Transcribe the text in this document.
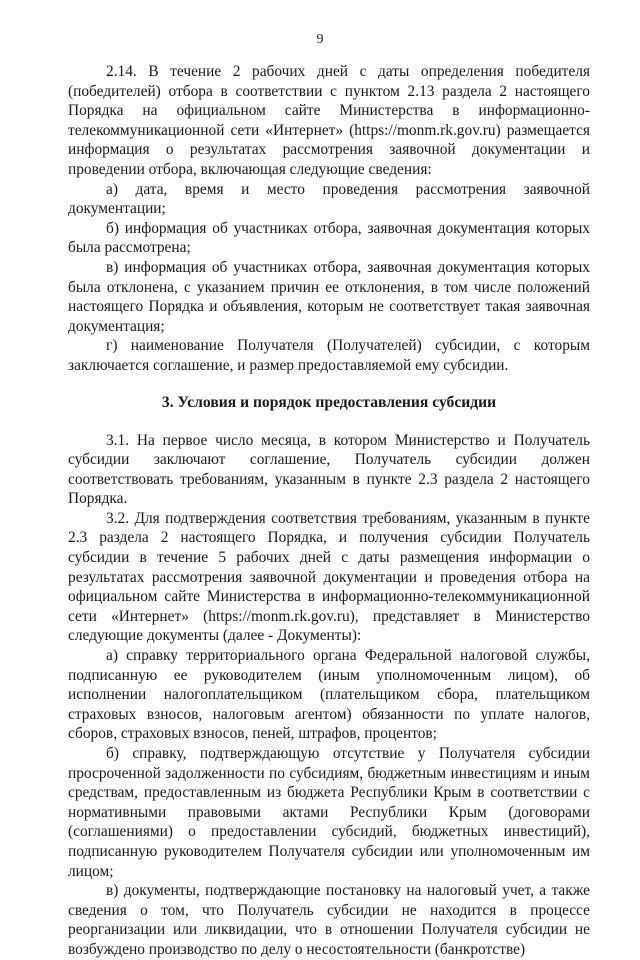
9

2.14. В течение 2 рабочих дней с даты определения победителя (победителей) отбора в соответствии с пунктом 2.13 раздела 2 настоящего Порядка на официальном сайте Министерства в информационно-телекоммуникационной сети «Интернет» (https://monm.rk.gov.ru) размещается информация о результатах рассмотрения заявочной документации и проведении отбора, включающая следующие сведения:

а) дата, время и место проведения рассмотрения заявочной документации;

б) информация об участниках отбора, заявочная документация которых была рассмотрена;

в) информация об участниках отбора, заявочная документация которых была отклонена, с указанием причин ее отклонения, в том числе положений настоящего Порядка и объявления, которым не соответствует такая заявочная документация;

г) наименование Получателя (Получателей) субсидии, с которым заключается соглашение, и размер предоставляемой ему субсидии.

3. Условия и порядок предоставления субсидии

3.1. На первое число месяца, в котором Министерство и Получатель субсидии заключают соглашение, Получатель субсидии должен соответствовать требованиям, указанным в пункте 2.3 раздела 2 настоящего Порядка.

3.2. Для подтверждения соответствия требованиям, указанным в пункте 2.3 раздела 2 настоящего Порядка, и получения субсидии Получатель субсидии в течение 5 рабочих дней с даты размещения информации о результатах рассмотрения заявочной документации и проведения отбора на официальном сайте Министерства в информационно-телекоммуникационной сети «Интернет» (https://monm.rk.gov.ru), представляет в Министерство следующие документы (далее - Документы):

а) справку территориального органа Федеральной налоговой службы, подписанную ее руководителем (иным уполномоченным лицом), об исполнении налогоплательщиком (плательщиком сбора, плательщиком страховых взносов, налоговым агентом) обязанности по уплате налогов, сборов, страховых взносов, пеней, штрафов, процентов;

б) справку, подтверждающую отсутствие у Получателя субсидии просроченной задолженности по субсидиям, бюджетным инвестициям и иным средствам, предоставленным из бюджета Республики Крым в соответствии с нормативными правовыми актами Республики Крым (договорами (соглашениями) о предоставлении субсидий, бюджетных инвестиций), подписанную руководителем Получателя субсидии или уполномоченным им лицом;

в) документы, подтверждающие постановку на налоговый учет, а также сведения о том, что Получатель субсидии не находится в процессе реорганизации или ликвидации, что в отношении Получателя субсидии не возбуждено производство по делу о несостоятельности (банкротстве)
